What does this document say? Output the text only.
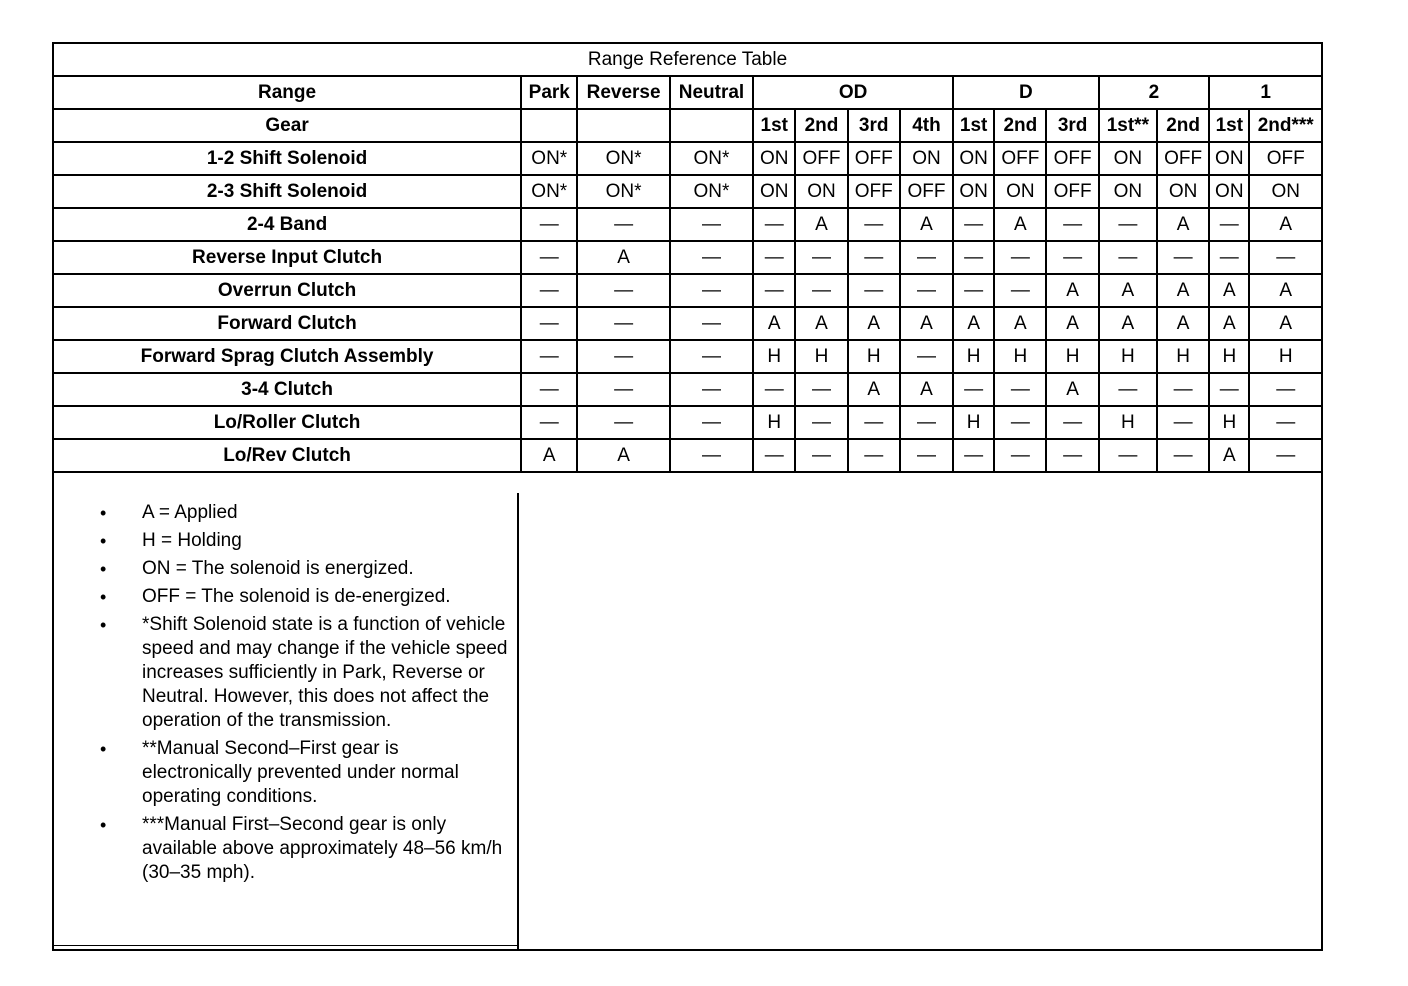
Range Reference Table														
Range	Park	Reverse	Neutral	OD				D			2		1	
Gear				1st	2nd	3rd	4th	1st	2nd	3rd	1st**	2nd	1st	2nd***
1-2 Shift Solenoid	ON*	ON*	ON*	ON	OFF	OFF	ON	ON	OFF	OFF	ON	OFF	ON	OFF
2-3 Shift Solenoid	ON*	ON*	ON*	ON	ON	OFF	OFF	ON	ON	OFF	ON	ON	ON	ON
2-4 Band	—	—	—	—	A	—	A	—	A	—	—	A	—	A
Reverse Input Clutch	—	A	—	—	—	—	—	—	—	—	—	—	—	—
Overrun Clutch	—	—	—	—	—	—	—	—	—	A	A	A	A	A
Forward Clutch	—	—	—	A	A	A	A	A	A	A	A	A	A	A
Forward Sprag Clutch Assembly	—	—	—	H	H	H	—	H	H	H	H	H	H	H
3-4 Clutch	—	—	—	—	—	A	A	—	—	A	—	—	—	—
Lo/Roller Clutch	—	—	—	H	—	—	—	H	—	—	H	—	H	—
Lo/Rev Clutch	A	A	—	—	—	—	—	—	—	—	—	—	A	—
• A = Applied
• H = Holding
• ON = The solenoid is energized.
• OFF = The solenoid is de-energized.
• *Shift Solenoid state is a function of vehicle speed and may change if the vehicle speed increases sufficiently in Park, Reverse or Neutral. However, this does not affect the operation of the transmission.
• **Manual Second–First gear is electronically prevented under normal operating conditions.
• ***Manual First–Second gear is only available above approximately 48–56 km/h (30–35 mph).
